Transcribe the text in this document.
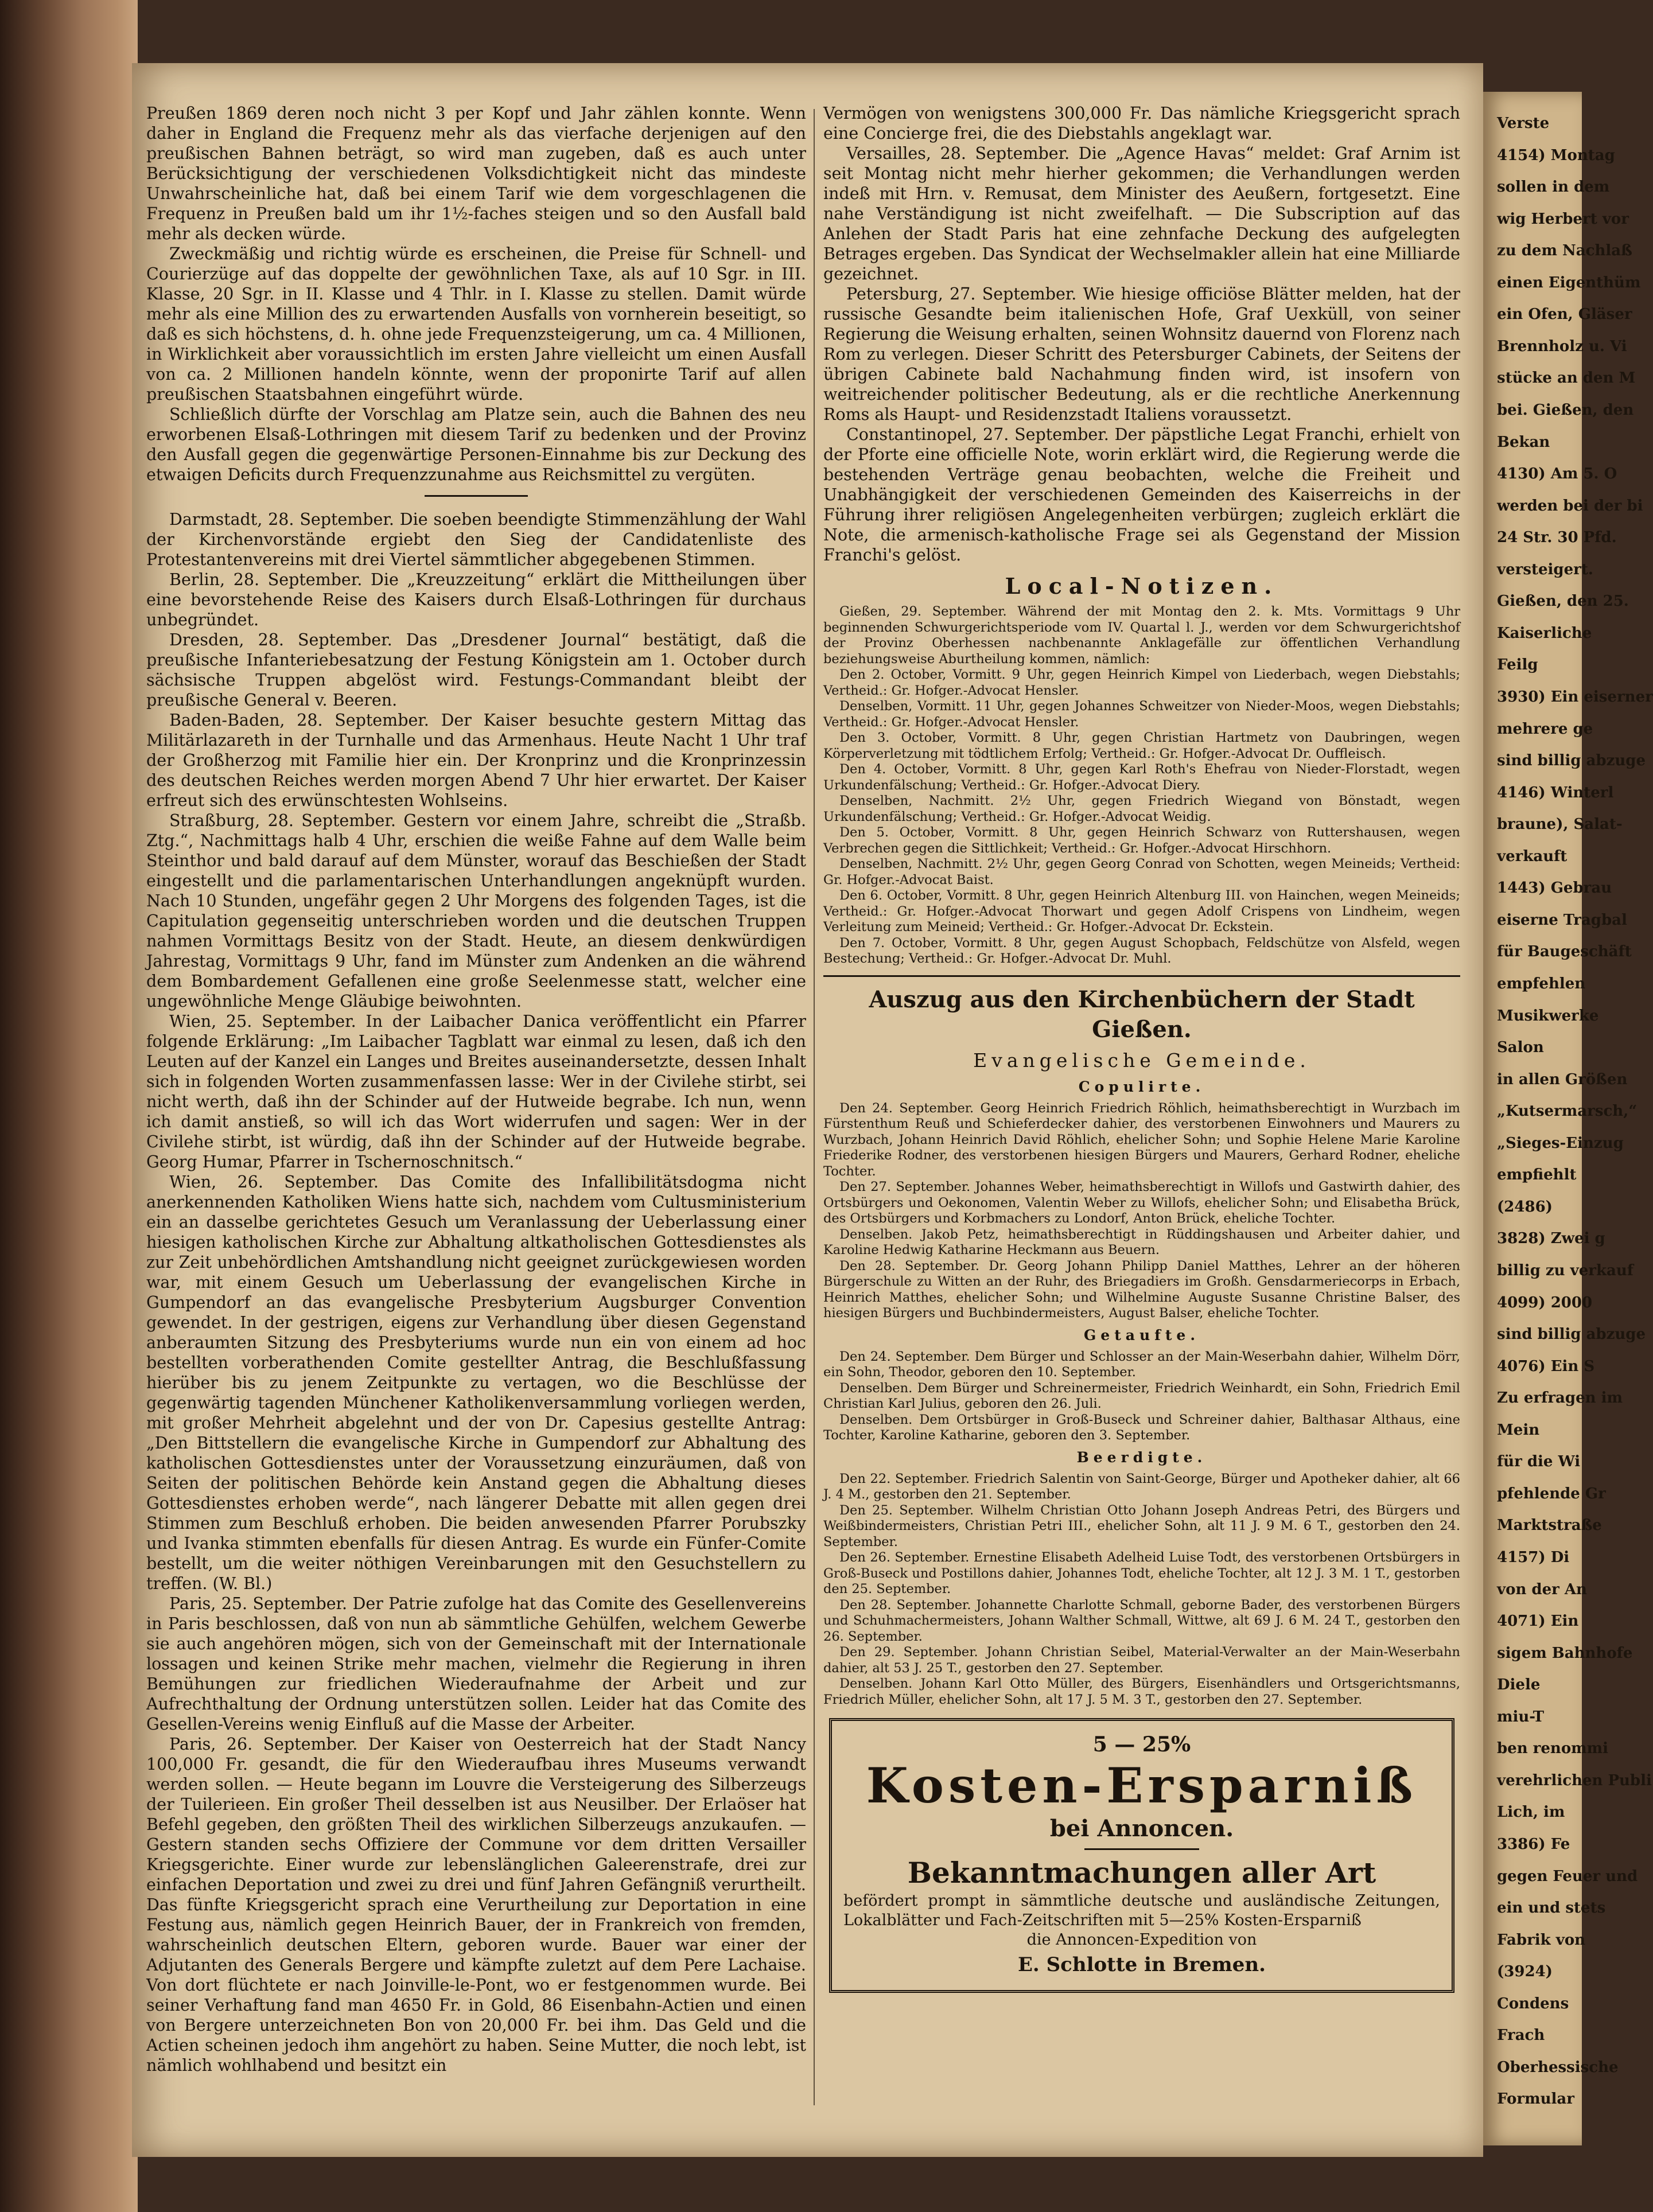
Preußen 1869 deren noch nicht 3 per Kopf und Jahr zählen konnte. Wenn daher in England die Frequenz mehr als das vierfache derjenigen auf den preußischen Bahnen beträgt, so wird man zugeben, daß es auch unter Berücksichtigung der verschiedenen Volksdichtigkeit nicht das mindeste Unwahrscheinliche hat, daß bei einem Tarif wie dem vorgeschlagenen die Frequenz in Preußen bald um ihr 1½-faches steigen und so den Ausfall bald mehr als decken würde.

Zweckmäßig und richtig würde es erscheinen, die Preise für Schnell- und Courierzüge auf das doppelte der gewöhnlichen Taxe, als auf 10 Sgr. in III. Klasse, 20 Sgr. in II. Klasse und 4 Thlr. in I. Klasse zu stellen. Damit würde mehr als eine Million des zu erwartenden Ausfalls von vornherein beseitigt, so daß es sich höchstens, d. h. ohne jede Frequenzsteigerung, um ca. 4 Millionen, in Wirklichkeit aber voraussichtlich im ersten Jahre vielleicht um einen Ausfall von ca. 2 Millionen handeln könnte, wenn der proponirte Tarif auf allen preußischen Staatsbahnen eingeführt würde.

Schließlich dürfte der Vorschlag am Platze sein, auch die Bahnen des neu erworbenen Elsaß-Lothringen mit diesem Tarif zu bedenken und der Provinz den Ausfall gegen die gegenwärtige Personen-Einnahme bis zur Deckung des etwaigen Deficits durch Frequenzzunahme aus Reichsmittel zu vergüten.

Darmstadt, 28. September. Die soeben beendigte Stimmenzählung der Wahl der Kirchenvorstände ergiebt den Sieg der Candidatenliste des Protestantenvereins mit drei Viertel sämmtlicher abgegebenen Stimmen.

Berlin, 28. September. Die „Kreuzzeitung“ erklärt die Mittheilungen über eine bevorstehende Reise des Kaisers durch Elsaß-Lothringen für durchaus unbegründet.

Dresden, 28. September. Das „Dresdener Journal“ bestätigt, daß die preußische Infanteriebesatzung der Festung Königstein am 1. October durch sächsische Truppen abgelöst wird. Festungs-Commandant bleibt der preußische General v. Beeren.

Baden-Baden, 28. September. Der Kaiser besuchte gestern Mittag das Militärlazareth in der Turnhalle und das Armenhaus. Heute Nacht 1 Uhr traf der Großherzog mit Familie hier ein. Der Kronprinz und die Kronprinzessin des deutschen Reiches werden morgen Abend 7 Uhr hier erwartet. Der Kaiser erfreut sich des erwünschtesten Wohlseins.

Straßburg, 28. September. Gestern vor einem Jahre, schreibt die „Straßb. Ztg.“, Nachmittags halb 4 Uhr, erschien die weiße Fahne auf dem Walle beim Steinthor und bald darauf auf dem Münster, worauf das Beschießen der Stadt eingestellt und die parlamentarischen Unterhandlungen angeknüpft wurden. Nach 10 Stunden, ungefähr gegen 2 Uhr Morgens des folgenden Tages, ist die Capitulation gegenseitig unterschrieben worden und die deutschen Truppen nahmen Vormittags Besitz von der Stadt. Heute, an diesem denkwürdigen Jahrestag, Vormittags 9 Uhr, fand im Münster zum Andenken an die während dem Bombardement Gefallenen eine große Seelenmesse statt, welcher eine ungewöhnliche Menge Gläubige beiwohnten.

Wien, 25. September. In der Laibacher Danica veröffentlicht ein Pfarrer folgende Erklärung: „Im Laibacher Tagblatt war einmal zu lesen, daß ich den Leuten auf der Kanzel ein Langes und Breites auseinandersetzte, dessen Inhalt sich in folgenden Worten zusammenfassen lasse: Wer in der Civilehe stirbt, sei nicht werth, daß ihn der Schinder auf der Hutweide begrabe. Ich nun, wenn ich damit anstieß, so will ich das Wort widerrufen und sagen: Wer in der Civilehe stirbt, ist würdig, daß ihn der Schinder auf der Hutweide begrabe. Georg Humar, Pfarrer in Tschernoschnitsch.“

Wien, 26. September. Das Comite des Infallibilitätsdogma nicht anerkennenden Katholiken Wiens hatte sich, nachdem vom Cultusministerium ein an dasselbe gerichtetes Gesuch um Veranlassung der Ueberlassung einer hiesigen katholischen Kirche zur Abhaltung altkatholischen Gottesdienstes als zur Zeit unbehördlichen Amtshandlung nicht geeignet zurückgewiesen worden war, mit einem Gesuch um Ueberlassung der evangelischen Kirche in Gumpendorf an das evangelische Presbyterium Augsburger Convention gewendet. In der gestrigen, eigens zur Verhandlung über diesen Gegenstand anberaumten Sitzung des Presbyteriums wurde nun ein von einem ad hoc bestellten vorberathenden Comite gestellter Antrag, die Beschlußfassung hierüber bis zu jenem Zeitpunkte zu vertagen, wo die Beschlüsse der gegenwärtig tagenden Münchener Katholikenversammlung vorliegen werden, mit großer Mehrheit abgelehnt und der von Dr. Capesius gestellte Antrag: „Den Bittstellern die evangelische Kirche in Gumpendorf zur Abhaltung des katholischen Gottesdienstes unter der Voraussetzung einzuräumen, daß von Seiten der politischen Behörde kein Anstand gegen die Abhaltung dieses Gottesdienstes erhoben werde“, nach längerer Debatte mit allen gegen drei Stimmen zum Beschluß erhoben. Die beiden anwesenden Pfarrer Porubszky und Ivanka stimmten ebenfalls für diesen Antrag. Es wurde ein Fünfer-Comite bestellt, um die weiter nöthigen Vereinbarungen mit den Gesuchstellern zu treffen. (W. Bl.)

Paris, 25. September. Der Patrie zufolge hat das Comite des Gesellenvereins in Paris beschlossen, daß von nun ab sämmtliche Gehülfen, welchem Gewerbe sie auch angehören mögen, sich von der Gemeinschaft mit der Internationale lossagen und keinen Strike mehr machen, vielmehr die Regierung in ihren Bemühungen zur friedlichen Wiederaufnahme der Arbeit und zur Aufrechthaltung der Ordnung unterstützen sollen. Leider hat das Comite des Gesellen-Vereins wenig Einfluß auf die Masse der Arbeiter.

Paris, 26. September. Der Kaiser von Oesterreich hat der Stadt Nancy 100,000 Fr. gesandt, die für den Wiederaufbau ihres Museums verwandt werden sollen. — Heute begann im Louvre die Versteigerung des Silberzeugs der Tuilerieen. Ein großer Theil desselben ist aus Neusilber. Der Erlaöser hat Befehl gegeben, den größten Theil des wirklichen Silberzeugs anzukaufen. — Gestern standen sechs Offiziere der Commune vor dem dritten Versailler Kriegsgerichte. Einer wurde zur lebenslänglichen Galeerenstrafe, drei zur einfachen Deportation und zwei zu drei und fünf Jahren Gefängniß verurtheilt. Das fünfte Kriegsgericht sprach eine Verurtheilung zur Deportation in eine Festung aus, nämlich gegen Heinrich Bauer, der in Frankreich von fremden, wahrscheinlich deutschen Eltern, geboren wurde. Bauer war einer der Adjutanten des Generals Bergere und kämpfte zuletzt auf dem Pere Lachaise. Von dort flüchtete er nach Joinville-le-Pont, wo er festgenommen wurde. Bei seiner Verhaftung fand man 4650 Fr. in Gold, 86 Eisenbahn-Actien und einen von Bergere unterzeichneten Bon von 20,000 Fr. bei ihm. Das Geld und die Actien scheinen jedoch ihm angehört zu haben. Seine Mutter, die noch lebt, ist nämlich wohlhabend und besitzt ein

Vermögen von wenigstens 300,000 Fr. Das nämliche Kriegsgericht sprach eine Concierge frei, die des Diebstahls angeklagt war.

Versailles, 28. September. Die „Agence Havas“ meldet: Graf Arnim ist seit Montag nicht mehr hierher gekommen; die Verhandlungen werden indeß mit Hrn. v. Remusat, dem Minister des Aeußern, fortgesetzt. Eine nahe Verständigung ist nicht zweifelhaft. — Die Subscription auf das Anlehen der Stadt Paris hat eine zehnfache Deckung des aufgelegten Betrages ergeben. Das Syndicat der Wechselmakler allein hat eine Milliarde gezeichnet.

Petersburg, 27. September. Wie hiesige officiöse Blätter melden, hat der russische Gesandte beim italienischen Hofe, Graf Uexküll, von seiner Regierung die Weisung erhalten, seinen Wohnsitz dauernd von Florenz nach Rom zu verlegen. Dieser Schritt des Petersburger Cabinets, der Seitens der übrigen Cabinete bald Nachahmung finden wird, ist insofern von weitreichender politischer Bedeutung, als er die rechtliche Anerkennung Roms als Haupt- und Residenzstadt Italiens voraussetzt.

Constantinopel, 27. September. Der päpstliche Legat Franchi, erhielt von der Pforte eine officielle Note, worin erklärt wird, die Regierung werde die bestehenden Verträge genau beobachten, welche die Freiheit und Unabhängigkeit der verschiedenen Gemeinden des Kaiserreichs in der Führung ihrer religiösen Angelegenheiten verbürgen; zugleich erklärt die Note, die armenisch-katholische Frage sei als Gegenstand der Mission Franchi's gelöst.

Local-Notizen.

Gießen, 29. September. Während der mit Montag den 2. k. Mts. Vormittags 9 Uhr beginnenden Schwurgerichtsperiode vom IV. Quartal l. J., werden vor dem Schwurgerichtshof der Provinz Oberhessen nachbenannte Anklagefälle zur öffentlichen Verhandlung beziehungsweise Aburtheilung kommen, nämlich:

Den 2. October, Vormitt. 9 Uhr, gegen Heinrich Kimpel von Liederbach, wegen Diebstahls; Vertheid.: Gr. Hofger.-Advocat Hensler.

Denselben, Vormitt. 11 Uhr, gegen Johannes Schweitzer von Nieder-Moos, wegen Diebstahls; Vertheid.: Gr. Hofger.-Advocat Hensler.

Den 3. October, Vormitt. 8 Uhr, gegen Christian Hartmetz von Daubringen, wegen Körperverletzung mit tödtlichem Erfolg; Vertheid.: Gr. Hofger.-Advocat Dr. Ouffleisch.

Den 4. October, Vormitt. 8 Uhr, gegen Karl Roth's Ehefrau von Nieder-Florstadt, wegen Urkundenfälschung; Vertheid.: Gr. Hofger.-Advocat Diery.

Denselben, Nachmitt. 2½ Uhr, gegen Friedrich Wiegand von Bönstadt, wegen Urkundenfälschung; Vertheid.: Gr. Hofger.-Advocat Weidig.

Den 5. October, Vormitt. 8 Uhr, gegen Heinrich Schwarz von Ruttershausen, wegen Verbrechen gegen die Sittlichkeit; Vertheid.: Gr. Hofger.-Advocat Hirschhorn.

Denselben, Nachmitt. 2½ Uhr, gegen Georg Conrad von Schotten, wegen Meineids; Vertheid: Gr. Hofger.-Advocat Baist.

Den 6. October, Vormitt. 8 Uhr, gegen Heinrich Altenburg III. von Hainchen, wegen Meineids; Vertheid.: Gr. Hofger.-Advocat Thorwart und gegen Adolf Crispens von Lindheim, wegen Verleitung zum Meineid; Vertheid.: Gr. Hofger.-Advocat Dr. Eckstein.

Den 7. October, Vormitt. 8 Uhr, gegen August Schopbach, Feldschütze von Alsfeld, wegen Bestechung; Vertheid.: Gr. Hofger.-Advocat Dr. Muhl.

Auszug aus den Kirchenbüchern der Stadt Gießen.
Evangelische Gemeinde.
Copulirte.

Den 24. September. Georg Heinrich Friedrich Röhlich, heimathsberechtigt in Wurzbach im Fürstenthum Reuß und Schieferdecker dahier, des verstorbenen Einwohners und Maurers zu Wurzbach, Johann Heinrich David Röhlich, ehelicher Sohn; und Sophie Helene Marie Karoline Friederike Rodner, des verstorbenen hiesigen Bürgers und Maurers, Gerhard Rodner, eheliche Tochter.

Den 27. September. Johannes Weber, heimathsberechtigt in Willofs und Gastwirth dahier, des Ortsbürgers und Oekonomen, Valentin Weber zu Willofs, ehelicher Sohn; und Elisabetha Brück, des Ortsbürgers und Korbmachers zu Londorf, Anton Brück, eheliche Tochter.

Denselben. Jakob Petz, heimathsberechtigt in Rüddingshausen und Arbeiter dahier, und Karoline Hedwig Katharine Heckmann aus Beuern.

Den 28. September. Dr. Georg Johann Philipp Daniel Matthes, Lehrer an der höheren Bürgerschule zu Witten an der Ruhr, des Briegadiers im Großh. Gensdarmeriecorps in Erbach, Heinrich Matthes, ehelicher Sohn; und Wilhelmine Auguste Susanne Christine Balser, des hiesigen Bürgers und Buchbindermeisters, August Balser, eheliche Tochter.

Getaufte.

Den 24. September. Dem Bürger und Schlosser an der Main-Weserbahn dahier, Wilhelm Dörr, ein Sohn, Theodor, geboren den 10. September.

Denselben. Dem Bürger und Schreinermeister, Friedrich Weinhardt, ein Sohn, Friedrich Emil Christian Karl Julius, geboren den 26. Juli.

Denselben. Dem Ortsbürger in Groß-Buseck und Schreiner dahier, Balthasar Althaus, eine Tochter, Karoline Katharine, geboren den 3. September.

Beerdigte.

Den 22. September. Friedrich Salentin von Saint-George, Bürger und Apotheker dahier, alt 66 J. 4 M., gestorben den 21. September.

Den 25. September. Wilhelm Christian Otto Johann Joseph Andreas Petri, des Bürgers und Weißbindermeisters, Christian Petri III., ehelicher Sohn, alt 11 J. 9 M. 6 T., gestorben den 24. September.

Den 26. September. Ernestine Elisabeth Adelheid Luise Todt, des verstorbenen Ortsbürgers in Groß-Buseck und Postillons dahier, Johannes Todt, eheliche Tochter, alt 12 J. 3 M. 1 T., gestorben den 25. September.

Den 28. September. Johannette Charlotte Schmall, geborne Bader, des verstorbenen Bürgers und Schuhmachermeisters, Johann Walther Schmall, Wittwe, alt 69 J. 6 M. 24 T., gestorben den 26. September.

Den 29. September. Johann Christian Seibel, Material-Verwalter an der Main-Weserbahn dahier, alt 53 J. 25 T., gestorben den 27. September.

Denselben. Johann Karl Otto Müller, des Bürgers, Eisenhändlers und Ortsgerichtsmanns, Friedrich Müller, ehelicher Sohn, alt 17 J. 5 M. 3 T., gestorben den 27. September.

5 — 25%
Kosten-Ersparniß
bei Annoncen.
Bekanntmachungen aller Art
befördert prompt in sämmtliche deutsche und ausländische Zeitungen, Lokalblätter und Fach-Zeitschriften mit 5—25% Kosten-Ersparniß
die Annoncen-Expedition von
E. Schlotte in Bremen.
Verste
4154) Montag
sollen in dem
wig Herbert vor
zu dem Nachlaß
einen Eigenthüm
ein Ofen, Gläser
Brennholz u. Vi
stücke an den M
bei. Gießen, den
Bekan
4130) Am 5. O
werden bei der bi
24 Str. 30 Pfd.
versteigert.
Gießen, den 25.
Kaiserliche
Feilg
3930) Ein eiserner
mehrere ge
sind billig abzuge
4146) Winterl
braune), Salat-
verkauft
1443) Gebrau
eiserne Tragbal
für Baugeschäft
empfehlen
Musikwerke
Salon
in allen Größen
„Kutsermarsch,“
„Sieges-Einzug
empfiehlt
(2486)
3828) Zwei g
billig zu verkauf
4099) 2000
sind billig abzuge
4076) Ein S
Zu erfragen im
Mein
für die Wi
pfehlende Gr
Marktstraße
4157) Di
von der An
4071) Ein
sigem Bahnhofe
Diele
miu-T
ben renommi
verehrlichen Publi
Lich, im
3386) Fe
gegen Feuer und
ein und stets
Fabrik von
(3924)
Condens
Frach
Oberhessische
Formular
